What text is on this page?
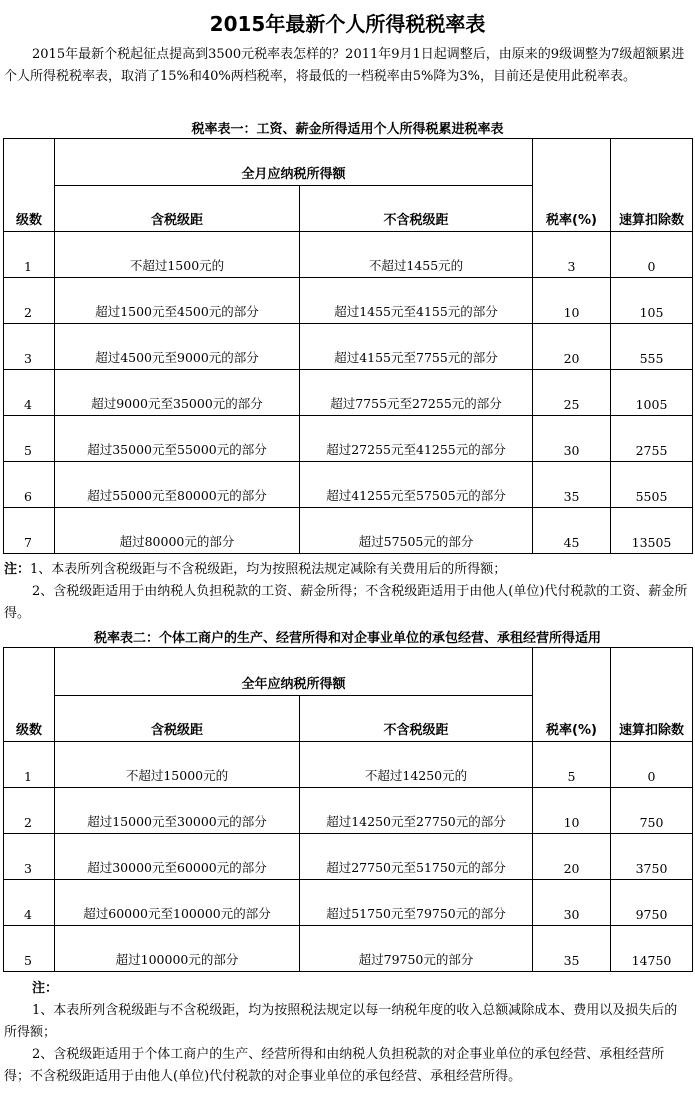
2015年最新个人所得税税率表
2015年最新个税起征点提高到3500元税率表怎样的？2011年9月1日起调整后，由原来的9级调整为7级超额累进个人所得税税率表，取消了15%和40%两档税率，将最低的一档税率由5%降为3%，目前还是使用此税率表。
税率表一：工资、薪金所得适用个人所得税累进税率表
级数	全月应纳税所得额		税率(%)	速算扣除数
	含税级距	不含税级距		
1	不超过1500元的	不超过1455元的	3	0
2	超过1500元至4500元的部分	超过1455元至4155元的部分	10	105
3	超过4500元至9000元的部分	超过4155元至7755元的部分	20	555
4	超过9000元至35000元的部分	超过7755元至27255元的部分	25	1005
5	超过35000元至55000元的部分	超过27255元至41255元的部分	30	2755
6	超过55000元至80000元的部分	超过41255元至57505元的部分	35	5505
7	超过80000元的部分	超过57505元的部分	45	13505
注：1、本表所列含税级距与不含税级距，均为按照税法规定减除有关费用后的所得额；
2、含税级距适用于由纳税人负担税款的工资、薪金所得；不含税级距适用于由他人(单位)代付税款的工资、薪金所得。
税率表二：个体工商户的生产、经营所得和对企事业单位的承包经营、承租经营所得适用
级数	全年应纳税所得额		税率(%)	速算扣除数
	含税级距	不含税级距		
1	不超过15000元的	不超过14250元的	5	0
2	超过15000元至30000元的部分	超过14250元至27750元的部分	10	750
3	超过30000元至60000元的部分	超过27750元至51750元的部分	20	3750
4	超过60000元至100000元的部分	超过51750元至79750元的部分	30	9750
5	超过100000元的部分	超过79750元的部分	35	14750
注：
1、本表所列含税级距与不含税级距，均为按照税法规定以每一纳税年度的收入总额减除成本、费用以及损失后的所得额；
2、含税级距适用于个体工商户的生产、经营所得和由纳税人负担税款的对企事业单位的承包经营、承租经营所得；不含税级距适用于由他人(单位)代付税款的对企事业单位的承包经营、承租经营所得。
